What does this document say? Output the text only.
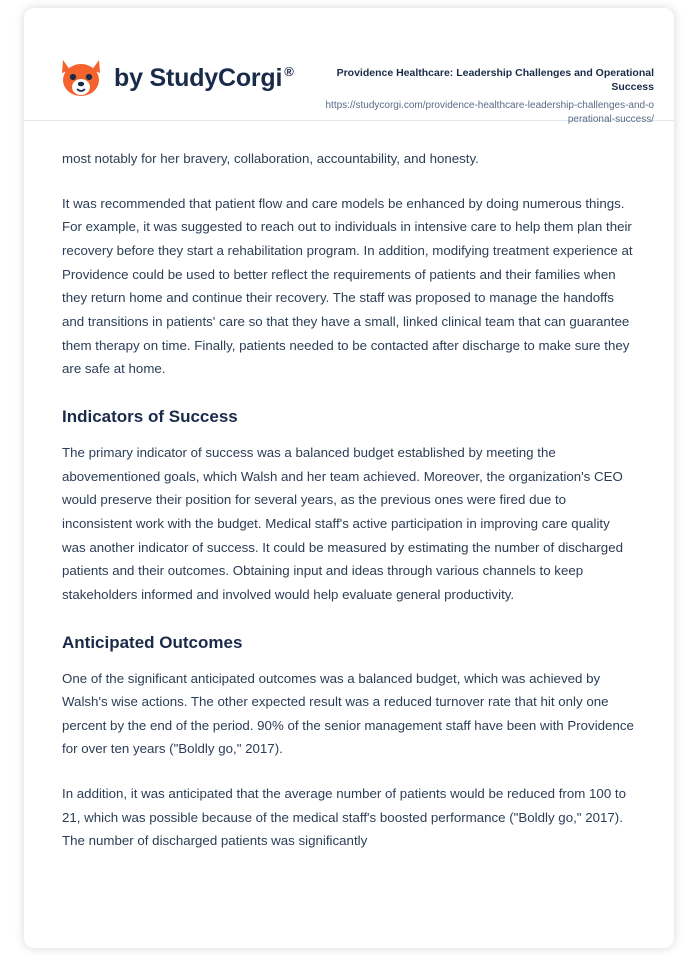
by StudyCorgi ®	Providence Healthcare: Leadership Challenges and Operational Success
https://studycorgi.com/providence-healthcare-leadership-challenges-and-operational-success/

most notably for her bravery, collaboration, accountability, and honesty.

It was recommended that patient flow and care models be enhanced by doing numerous things. For example, it was suggested to reach out to individuals in intensive care to help them plan their recovery before they start a rehabilitation program. In addition, modifying treatment experience at Providence could be used to better reflect the requirements of patients and their families when they return home and continue their recovery. The staff was proposed to manage the handoffs and transitions in patients' care so that they have a small, linked clinical team that can guarantee them therapy on time. Finally, patients needed to be contacted after discharge to make sure they are safe at home.

Indicators of Success

The primary indicator of success was a balanced budget established by meeting the abovementioned goals, which Walsh and her team achieved. Moreover, the organization's CEO would preserve their position for several years, as the previous ones were fired due to inconsistent work with the budget. Medical staff's active participation in improving care quality was another indicator of success. It could be measured by estimating the number of discharged patients and their outcomes. Obtaining input and ideas through various channels to keep stakeholders informed and involved would help evaluate general productivity.

Anticipated Outcomes

One of the significant anticipated outcomes was a balanced budget, which was achieved by Walsh's wise actions. The other expected result was a reduced turnover rate that hit only one percent by the end of the period. 90% of the senior management staff have been with Providence for over ten years ("Boldly go," 2017).

In addition, it was anticipated that the average number of patients would be reduced from 100 to 21, which was possible because of the medical staff's boosted performance ("Boldly go," 2017). The number of discharged patients was significantly
